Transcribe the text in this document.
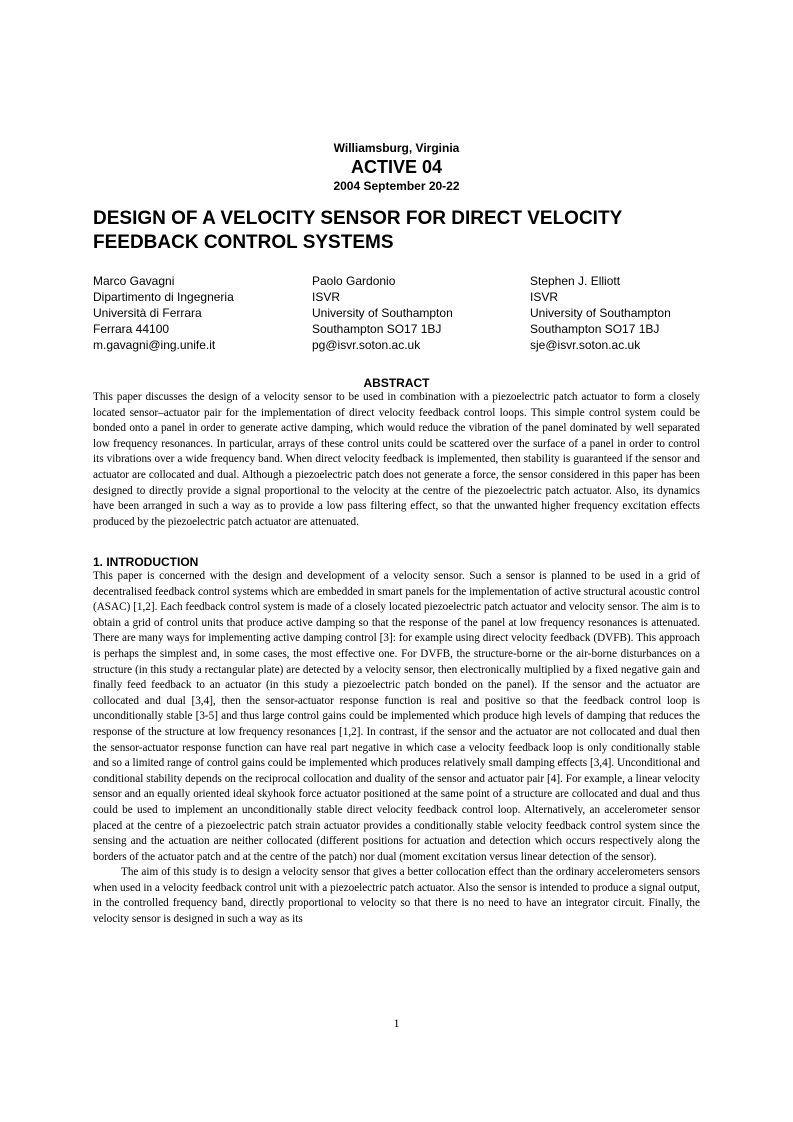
Williamsburg, Virginia
ACTIVE 04
2004 September 20-22
DESIGN OF A VELOCITY SENSOR FOR DIRECT VELOCITY FEEDBACK CONTROL SYSTEMS
Marco Gavagni
Dipartimento di Ingegneria
Università di Ferrara
Ferrara 44100
m.gavagni@ing.unife.it
Paolo Gardonio
ISVR
University of Southampton
Southampton SO17 1BJ
pg@isvr.soton.ac.uk
Stephen J. Elliott
ISVR
University of Southampton
Southampton SO17 1BJ
sje@isvr.soton.ac.uk
ABSTRACT

This paper discusses the design of a velocity sensor to be used in combination with a piezoelectric patch actuator to form a closely located sensor–actuator pair for the implementation of direct velocity feedback control loops. This simple control system could be bonded onto a panel in order to generate active damping, which would reduce the vibration of the panel dominated by well separated low frequency resonances. In particular, arrays of these control units could be scattered over the surface of a panel in order to control its vibrations over a wide frequency band. When direct velocity feedback is implemented, then stability is guaranteed if the sensor and actuator are collocated and dual. Although a piezoelectric patch does not generate a force, the sensor considered in this paper has been designed to directly provide a signal proportional to the velocity at the centre of the piezoelectric patch actuator. Also, its dynamics have been arranged in such a way as to provide a low pass filtering effect, so that the unwanted higher frequency excitation effects produced by the piezoelectric patch actuator are attenuated.

1. INTRODUCTION

This paper is concerned with the design and development of a velocity sensor. Such a sensor is planned to be used in a grid of decentralised feedback control systems which are embedded in smart panels for the implementation of active structural acoustic control (ASAC) [1,2]. Each feedback control system is made of a closely located piezoelectric patch actuator and velocity sensor. The aim is to obtain a grid of control units that produce active damping so that the response of the panel at low frequency resonances is attenuated. There are many ways for implementing active damping control [3]: for example using direct velocity feedback (DVFB). This approach is perhaps the simplest and, in some cases, the most effective one. For DVFB, the structure-borne or the air-borne disturbances on a structure (in this study a rectangular plate) are detected by a velocity sensor, then electronically multiplied by a fixed negative gain and finally feed feedback to an actuator (in this study a piezoelectric patch bonded on the panel). If the sensor and the actuator are collocated and dual [3,4], then the sensor-actuator response function is real and positive so that the feedback control loop is unconditionally stable [3-5] and thus large control gains could be implemented which produce high levels of damping that reduces the response of the structure at low frequency resonances [1,2]. In contrast, if the sensor and the actuator are not collocated and dual then the sensor-actuator response function can have real part negative in which case a velocity feedback loop is only conditionally stable and so a limited range of control gains could be implemented which produces relatively small damping effects [3,4]. Unconditional and conditional stability depends on the reciprocal collocation and duality of the sensor and actuator pair [4]. For example, a linear velocity sensor and an equally oriented ideal skyhook force actuator positioned at the same point of a structure are collocated and dual and thus could be used to implement an unconditionally stable direct velocity feedback control loop. Alternatively, an accelerometer sensor placed at the centre of a piezoelectric patch strain actuator provides a conditionally stable velocity feedback control system since the sensing and the actuation are neither collocated (different positions for actuation and detection which occurs respectively along the borders of the actuator patch and at the centre of the patch) nor dual (moment excitation versus linear detection of the sensor).

The aim of this study is to design a velocity sensor that gives a better collocation effect than the ordinary accelerometers sensors when used in a velocity feedback control unit with a piezoelectric patch actuator. Also the sensor is intended to produce a signal output, in the controlled frequency band, directly proportional to velocity so that there is no need to have an integrator circuit. Finally, the velocity sensor is designed in such a way as its

1
